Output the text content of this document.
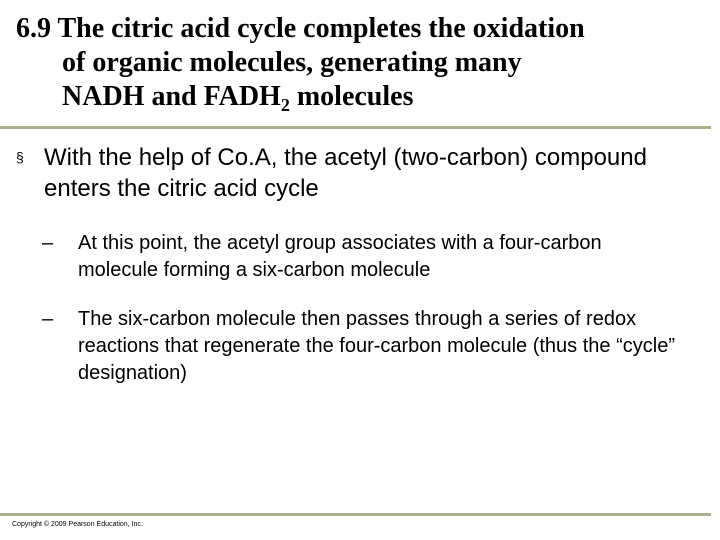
6.9 The citric acid cycle completes the oxidation
of organic molecules, generating many
NADH and $FADH_2$ molecules
§ With the help of Co.A, the acetyl (two-carbon) compound enters the citric acid cycle
–	At this point, the acetyl group associates with a four-carbon molecule forming a six-carbon molecule
–	The six-carbon molecule then passes through a series of redox reactions that regenerate the four-carbon molecule (thus the “cycle” designation)
Copyright © 2009 Pearson Education, Inc.
